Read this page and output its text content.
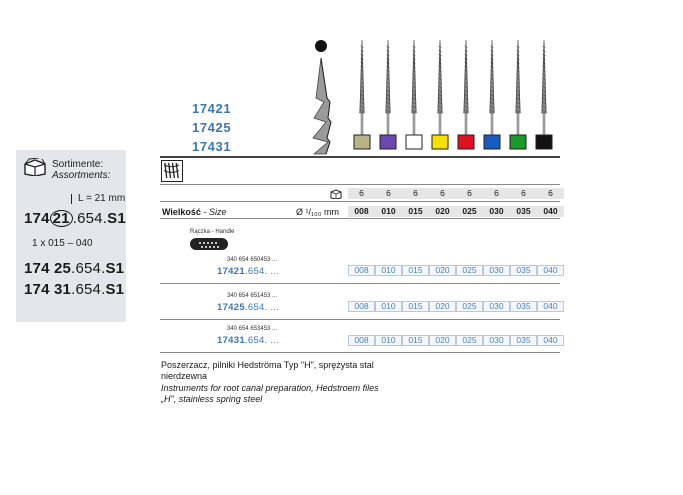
Sortimente:
Assortments:
L = 21 mm
174 21 .654.S1
1 x 015 – 040
174 25.654.S1
174 31.654.S1
17421
17425
17431
6	6	6	6	6	6	6	6
Wielkość - Size	Ø ¹/₁₀₀ mm	008	010	015	020	025	030	035	040
Rączka - Handle
340 654 650453 ...
17421.654. ...	008	010	015	020	025	030	035	040
340 654 651453 ...
17425.654. ...	008	010	015	020	025	030	035	040
340 654 653453 ...
17431.654. ...	008	010	015	020	025	030	035	040
Poszerzacz, pilniki Hedströma Typ "H", sprężysta stal
nierdzewna
Instruments for root canal preparation, Hedstroem files
„H", stainless spring steel
